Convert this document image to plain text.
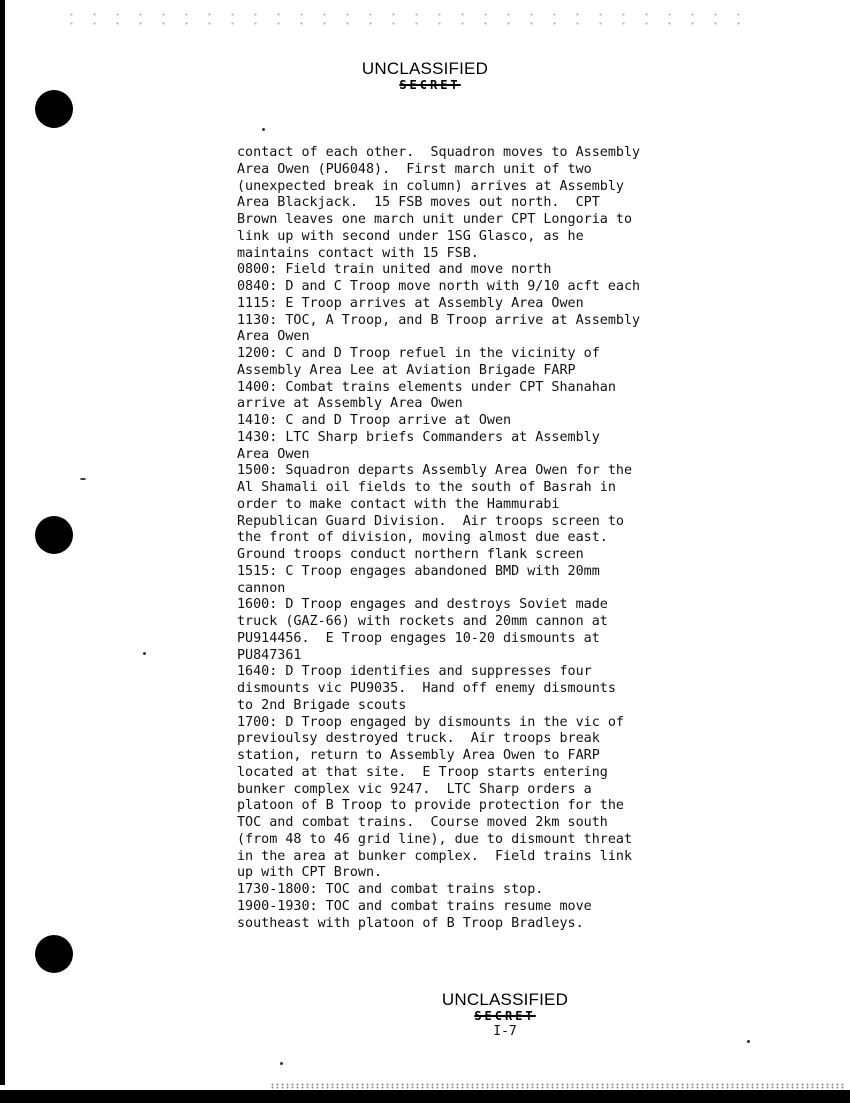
UNCLASSIFIED
SECRET
contact of each other.  Squadron moves to Assembly
Area Owen (PU6048).  First march unit of two
(unexpected break in column) arrives at Assembly
Area Blackjack.  15 FSB moves out north.  CPT
Brown leaves one march unit under CPT Longoria to
link up with second under 1SG Glasco, as he
maintains contact with 15 FSB.
0800: Field train united and move north
0840: D and C Troop move north with 9/10 acft each
1115: E Troop arrives at Assembly Area Owen
1130: TOC, A Troop, and B Troop arrive at Assembly
Area Owen
1200: C and D Troop refuel in the vicinity of
Assembly Area Lee at Aviation Brigade FARP
1400: Combat trains elements under CPT Shanahan
arrive at Assembly Area Owen
1410: C and D Troop arrive at Owen
1430: LTC Sharp briefs Commanders at Assembly
Area Owen
1500: Squadron departs Assembly Area Owen for the
Al Shamali oil fields to the south of Basrah in
order to make contact with the Hammurabi
Republican Guard Division.  Air troops screen to
the front of division, moving almost due east.
Ground troops conduct northern flank screen
1515: C Troop engages abandoned BMD with 20mm
cannon
1600: D Troop engages and destroys Soviet made
truck (GAZ-66) with rockets and 20mm cannon at
PU914456.  E Troop engages 10-20 dismounts at
PU847361
1640: D Troop identifies and suppresses four
dismounts vic PU9035.  Hand off enemy dismounts
to 2nd Brigade scouts
1700: D Troop engaged by dismounts in the vic of
previoulsy destroyed truck.  Air troops break
station, return to Assembly Area Owen to FARP
located at that site.  E Troop starts entering
bunker complex vic 9247.  LTC Sharp orders a
platoon of B Troop to provide protection for the
TOC and combat trains.  Course moved 2km south
(from 48 to 46 grid line), due to dismount threat
in the area at bunker complex.  Field trains link
up with CPT Brown.
1730-1800: TOC and combat trains stop.
1900-1930: TOC and combat trains resume move
southeast with platoon of B Troop Bradleys.
UNCLASSIFIED
SECRET
I-7
